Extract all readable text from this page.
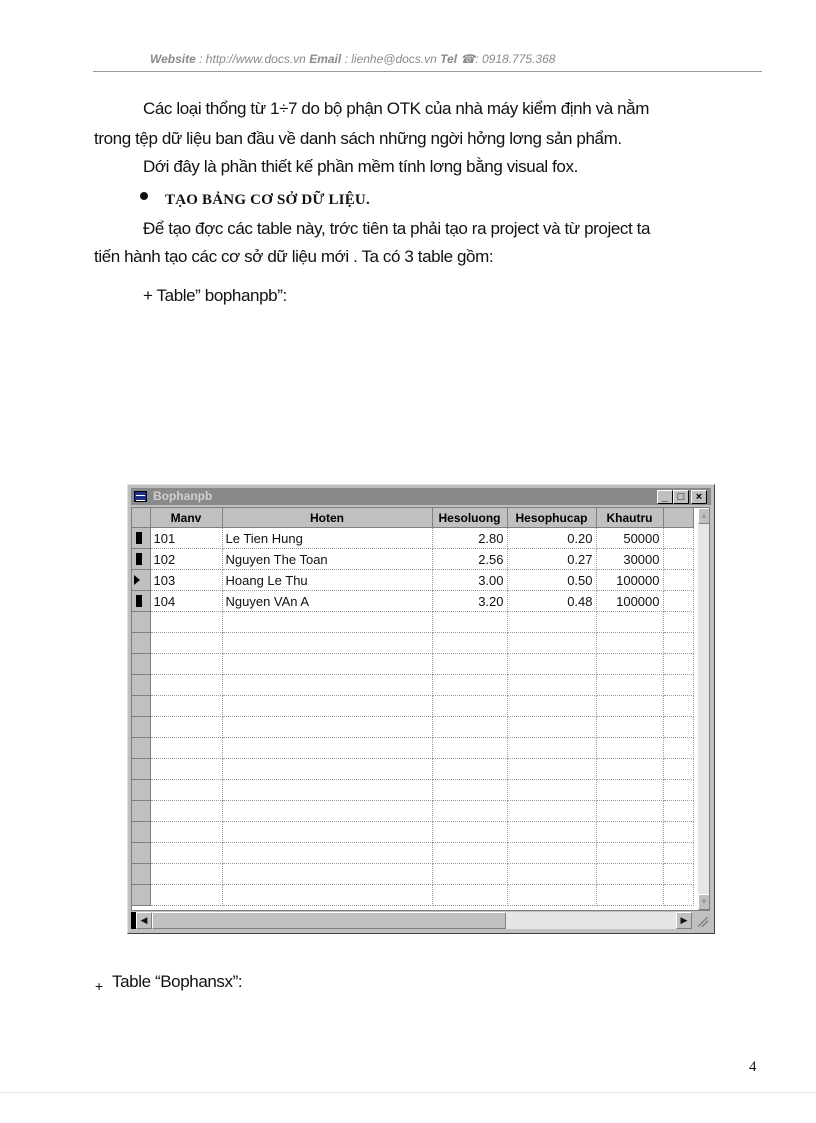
Website : http://www.docs.vn Email : lienhe@docs.vn Tel ☎: 0918.775.368
Các loại thổng từ 1÷7 do bộ phận OTK của nhà máy kiểm định và nằm
trong tệp dữ liệu ban đầu về danh sách những ngời hởng lơng sản phẩm.
Dới đây là phần thiết kế phần mềm tính lơng bằng visual fox.
TẠO BẢNG CƠ SỞ DỮ LIỆU.
Để tạo đợc các table này, trớc tiên ta phải tạo ra project và từ project ta
tiến hành tạo các cơ sở dữ liệu mới . Ta có 3 table gồm:
+ Table” bophanpb”:
Bophanpb	_ □	×
	Manv	Hoten	Hesoluong	Hesophucap	Khautru	

	101	Le Tien Hung	2.80	0.20	50000	

	102	Nguyen The Toan	2.56	0.27	30000	

	103	Hoang Le Thu	3.00	0.50	100000	

	104	Nguyen VAn A	3.20	0.48	100000	

▲
▼
◀	▶
+ Table “Bophansx”:
4
